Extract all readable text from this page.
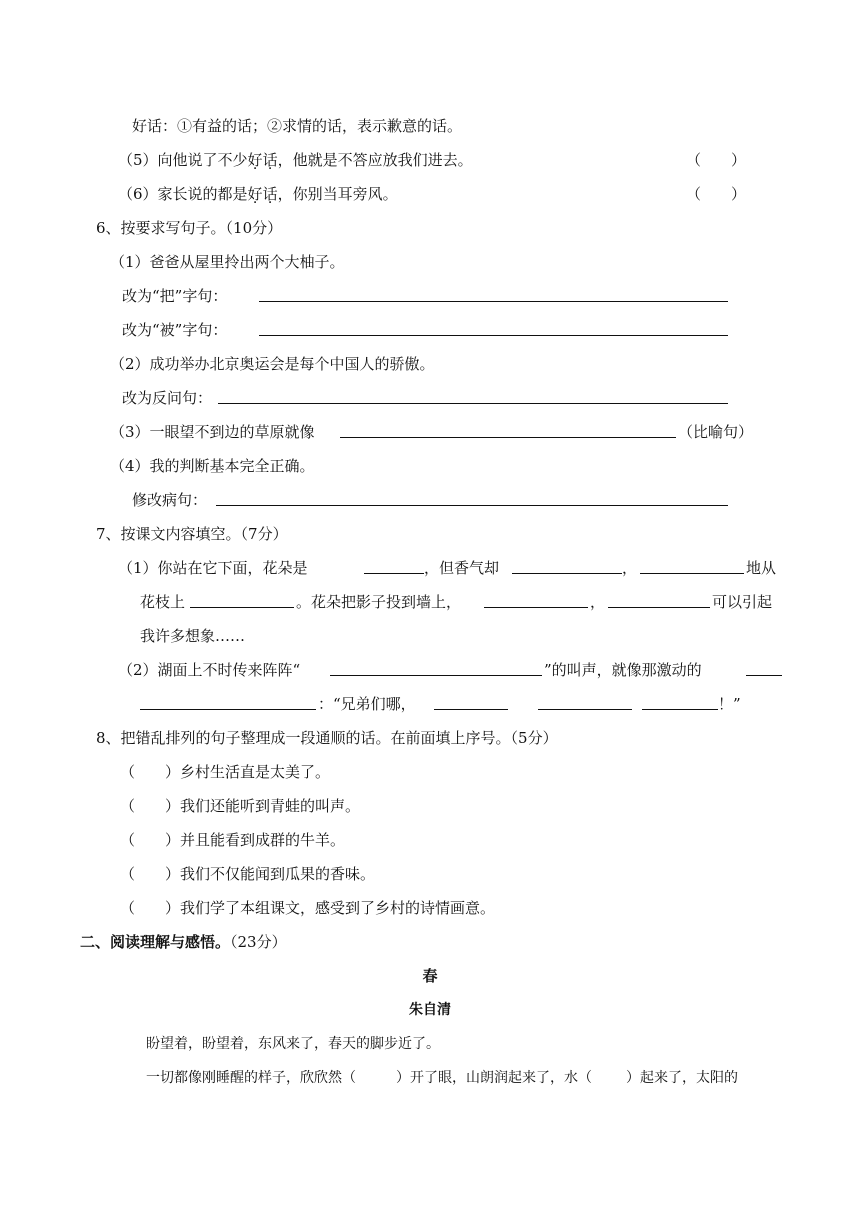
好话：①有益的话；②求情的话，表示歉意的话。
（5）向他说了不少好话，他就是不答应放我们进去。	（　　）
（6）家长说的都是好话，你别当耳旁风。	（　　）
6、按要求写句子。（10分）
（1）爸爸从屋里拎出两个大柚子。
改为“把”字句：
改为“被”字句：
（2）成功举办北京奥运会是每个中国人的骄傲。
改为反问句：
（3）一眼望不到边的草原就像	（比喻句）
（4）我的判断基本完全正确。
修改病句：
7、按课文内容填空。（7分）
（1）你站在它下面，花朵是	，但香气却	，	地从
花枝上	。花朵把影子投到墙上，	，	可以引起
我许多想象……
（2）湖面上不时传来阵阵“	”的叫声，就像那激动的
：“兄弟们哪，	！”
8、把错乱排列的句子整理成一段通顺的话。在前面填上序号。（5分）
（　　）乡村生活直是太美了。
（　　）我们还能听到青蛙的叫声。
（　　）并且能看到成群的牛羊。
（　　）我们不仅能闻到瓜果的香味。
（　　）我们学了本组课文，感受到了乡村的诗情画意。
二、阅读理解与感悟。（23分）
春
朱自清
盼望着，盼望着，东风来了，春天的脚步近了。
一切都像刚睡醒的样子，欣欣然（	）开了眼，山朗润起来了，水（ ）起来了，太阳的
